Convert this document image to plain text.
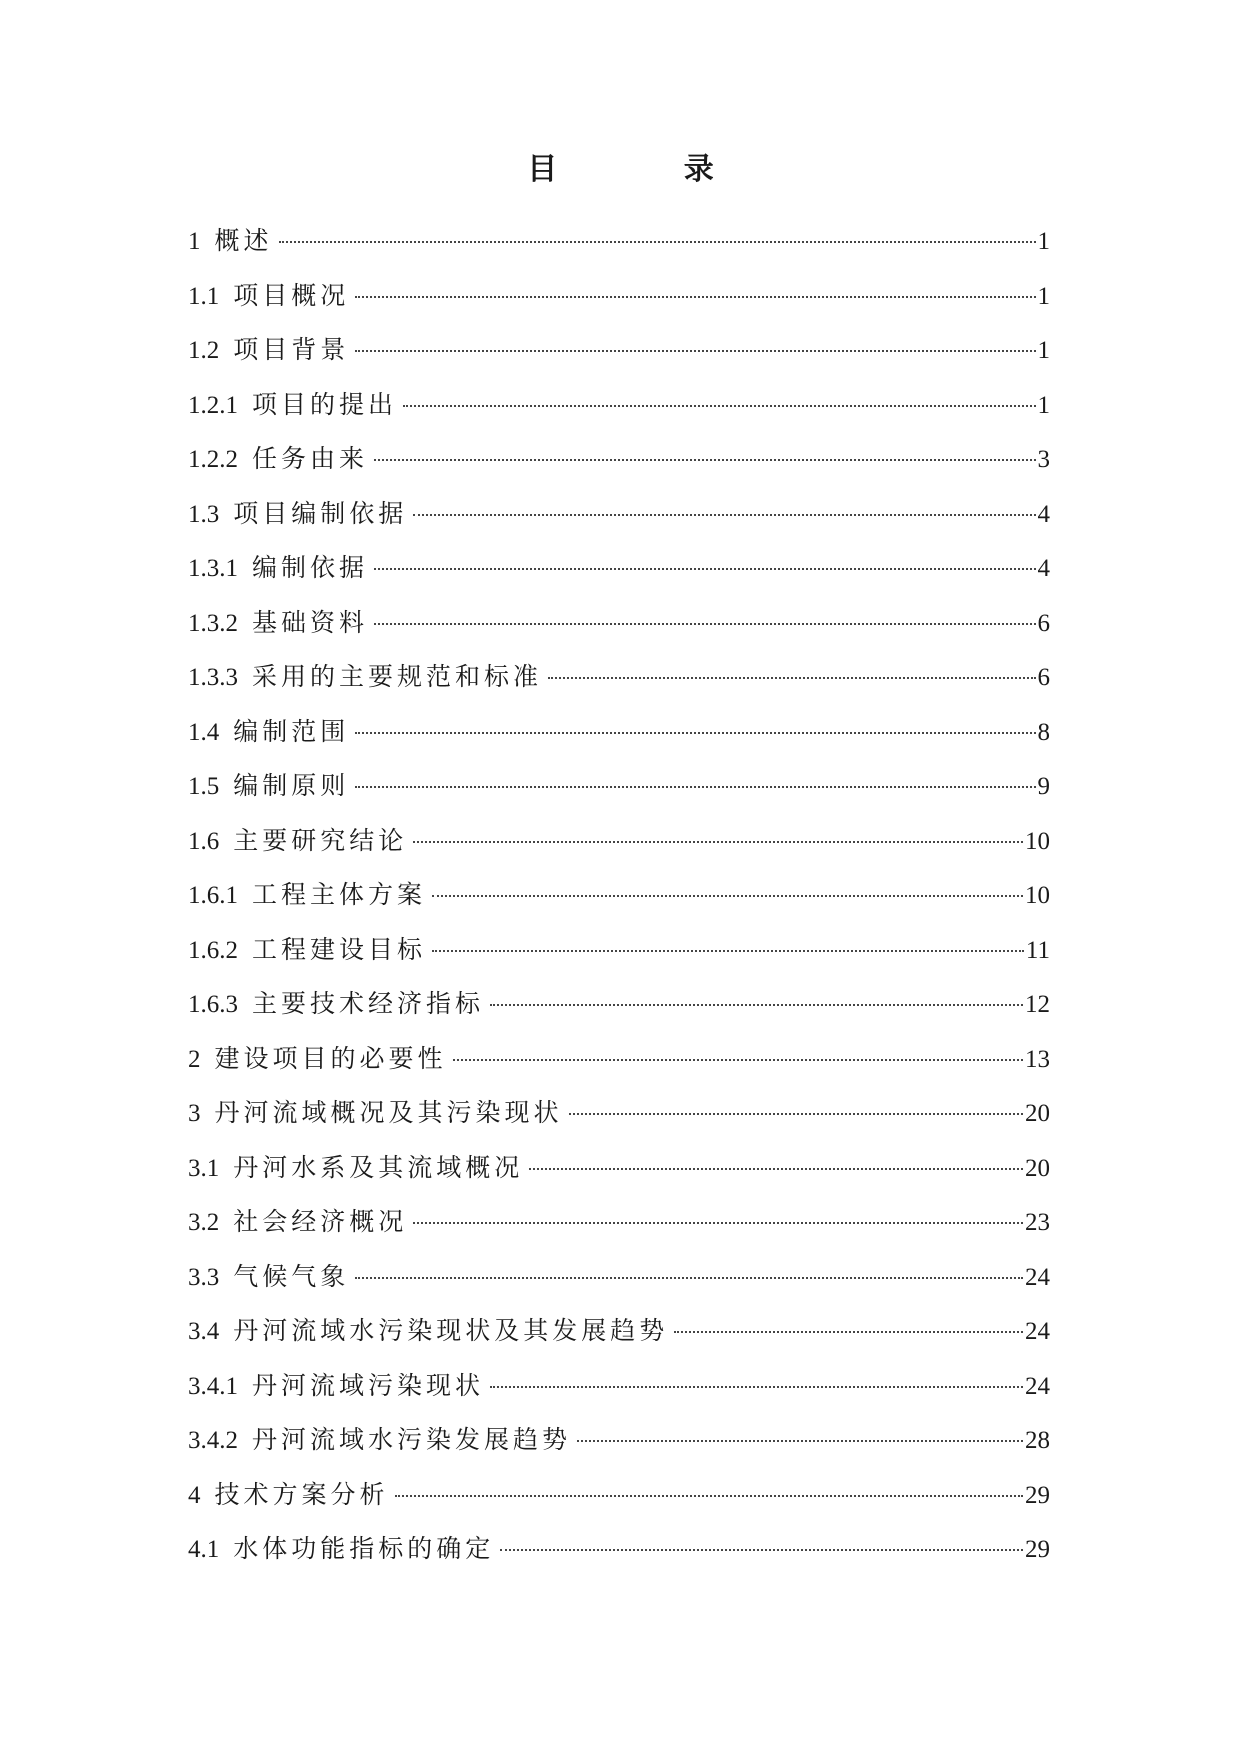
目 录
1 概述	1
1.1 项目概况	1
1.2 项目背景	1
1.2.1 项目的提出	1
1.2.2 任务由来	3
1.3 项目编制依据	4
1.3.1 编制依据	4
1.3.2 基础资料	6
1.3.3 采用的主要规范和标准	6
1.4 编制范围	8
1.5 编制原则	9
1.6 主要研究结论	10
1.6.1 工程主体方案	10
1.6.2 工程建设目标	11
1.6.3 主要技术经济指标	12
2 建设项目的必要性	13
3 丹河流域概况及其污染现状	20
3.1 丹河水系及其流域概况	20
3.2 社会经济概况	23
3.3 气候气象	24
3.4 丹河流域水污染现状及其发展趋势	24
3.4.1 丹河流域污染现状	24
3.4.2 丹河流域水污染发展趋势	28
4 技术方案分析	29
4.1 水体功能指标的确定	29
